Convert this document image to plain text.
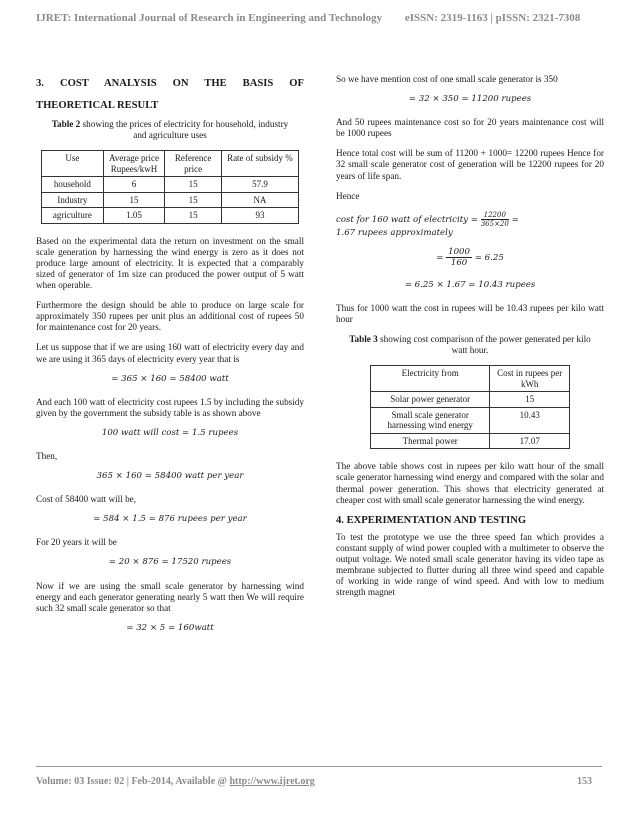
IJRET: International Journal of Research in Engineering and Technology eISSN: 2319-1163 | pISSN: 2321-7308
3. COST ANALYSIS ON THE BASIS OF
THEORETICAL RESULT

Table 2 showing the prices of electricity for household, industry and agriculture uses

Use	Average price Rupees/kwH	Reference price	Rate of subsidy %
household	6	15	57.9
Industry	15	15	NA
agriculture	1.05	15	93

Based on the experimental data the return on investment on the small scale generation by harnessing the wind energy is zero as it does not produce large amount of electricity. It is expected that a comparably sized of generator of 1m size can produced the power output of 5 watt when operable.

Furthermore the design should be able to produce on large scale for approximately 350 rupees per unit plus an additional cost of rupees 50 for maintenance cost for 20 years.

Let us suppose that if we are using 160 watt of electricity every day and we are using it 365 days of electricity every year that is

= 365 × 160 = 58400 watt

And each 100 watt of electricity cost rupees 1.5 by including the subsidy given by the government the subsidy table is as shown above

100 watt will cost = 1.5 rupees

Then,

365 × 160 = 58400 watt per year

Cost of 58400 watt will be,

= 584 × 1.5 = 876 rupees per year

For 20 years it will be

= 20 × 876 = 17520 rupees

Now if we are using the small scale generator by harnessing wind energy and each generator generating nearly 5 watt then We will require such 32 small scale generator so that

= 32 × 5 = 160watt

So we have mention cost of one small scale generator is 350

= 32 × 350 = 11200 rupees

And 50 rupees maintenance cost so for 20 years maintenance cost will be 1000 rupees

Hence total cost will be sum of 11200 + 1000= 12200 rupees Hence for 32 small scale generator cost of generation will be 12200 rupees for 20 years of life span.

Hence

cost for 160 watt of electricity = $\frac{12200}{365\times 20}$ =
1.67 rupees approximately
= $\frac{1000}{160} = 6.25$
= 6.25 × 1.67 = 10.43 rupees

Thus for 1000 watt the cost in rupees will be 10.43 rupees per kilo watt hour

Table 3 showing cost comparison of the power generated per kilo watt hour.

Electricity from	Cost in rupees per kWh
Solar power generator	15
Small scale generator harnessing wind energy	10.43
Thermal power	17.07

The above table shows cost in rupees per kilo watt hour of the small scale generator harnessing wind energy and compared with the solar and thermal power generation. This shows that electricity generated at cheaper cost with small scale generator harnessing the wind energy.

4. EXPERIMENTATION AND TESTING

To test the prototype we use the three speed fan which provides a constant supply of wind power coupled with a multimeter to observe the output voltage. We noted small scale generator having its video tape as membrane subjected to flutter during all three wind speed and capable of working in wide range of wind speed. And with low to medium strength magnet

Volume: 03 Issue: 02 | Feb-2014, Available @ http://www.ijret.org	153
